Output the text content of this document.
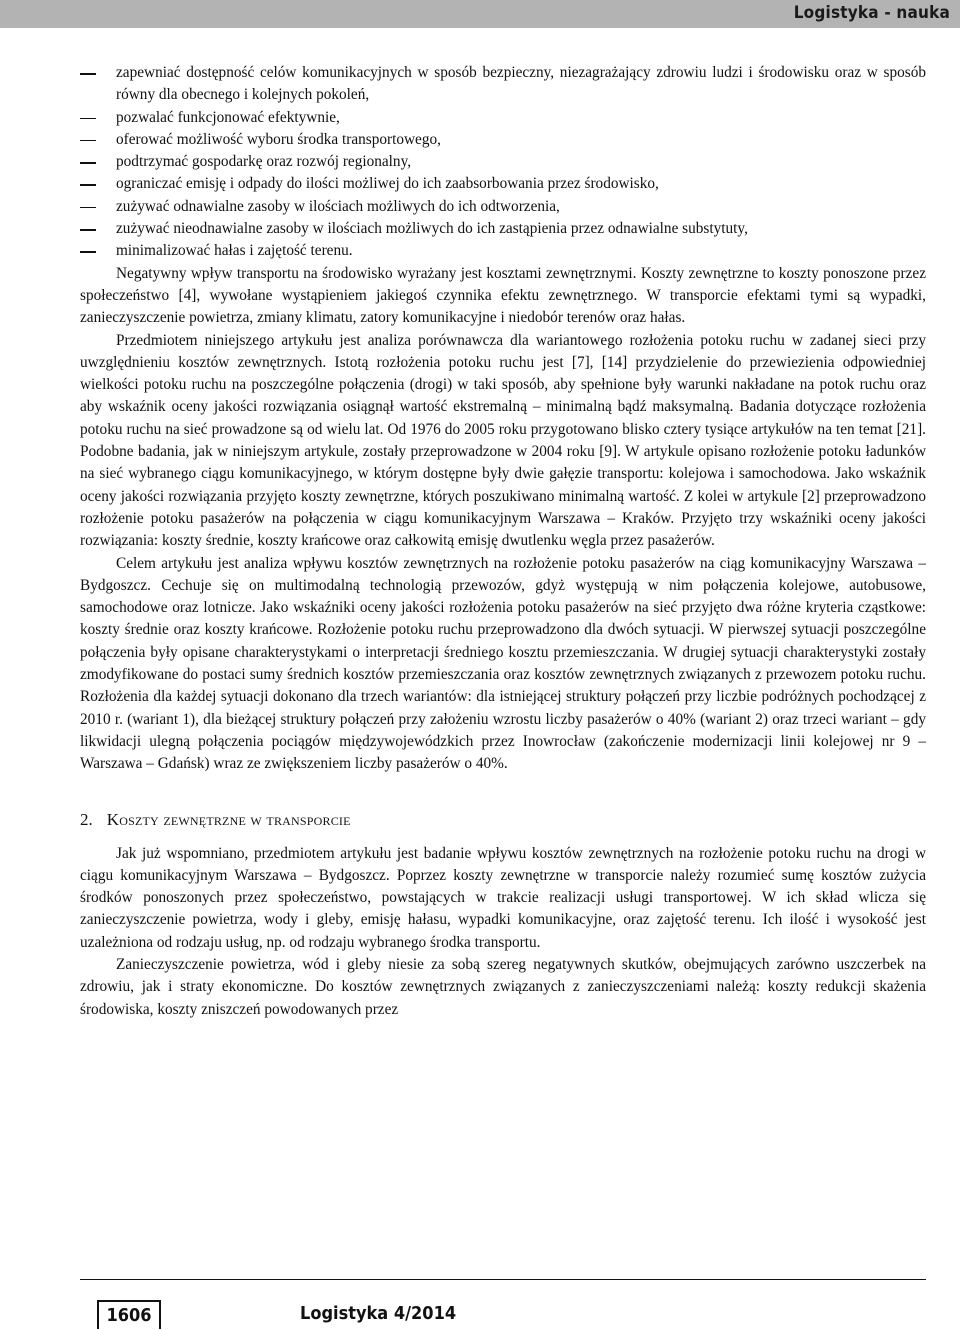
Logistyka - nauka
zapewniać dostępność celów komunikacyjnych w sposób bezpieczny, niezagrażający zdrowiu ludzi i środowisku oraz w sposób równy dla obecnego i kolejnych pokoleń,
pozwalać funkcjonować efektywnie,
oferować możliwość wyboru środka transportowego,
podtrzymać gospodarkę oraz rozwój regionalny,
ograniczać emisję i odpady do ilości możliwej do ich zaabsorbowania przez środowisko,
zużywać odnawialne zasoby w ilościach możliwych do ich odtworzenia,
zużywać nieodnawialne zasoby w ilościach możliwych do ich zastąpienia przez odnawialne substytuty,
minimalizować hałas i zajętość terenu.

Negatywny wpływ transportu na środowisko wyrażany jest kosztami zewnętrznymi. Koszty zewnętrzne to koszty ponoszone przez społeczeństwo [4], wywołane wystąpieniem jakiegoś czynnika efektu zewnętrznego. W transporcie efektami tymi są wypadki, zanieczyszczenie powietrza, zmiany klimatu, zatory komunikacyjne i niedobór terenów oraz hałas.

Przedmiotem niniejszego artykułu jest analiza porównawcza dla wariantowego rozłożenia potoku ruchu w zadanej sieci przy uwzględnieniu kosztów zewnętrznych. Istotą rozłożenia potoku ruchu jest [7], [14] przydzielenie do przewiezienia odpowiedniej wielkości potoku ruchu na poszczególne połączenia (drogi) w taki sposób, aby spełnione były warunki nakładane na potok ruchu oraz aby wskaźnik oceny jakości rozwiązania osiągnął wartość ekstremalną – minimalną bądź maksymalną. Badania dotyczące rozłożenia potoku ruchu na sieć prowadzone są od wielu lat. Od 1976 do 2005 roku przygotowano blisko cztery tysiące artykułów na ten temat [21]. Podobne badania, jak w niniejszym artykule, zostały przeprowadzone w 2004 roku [9]. W artykule opisano rozłożenie potoku ładunków na sieć wybranego ciągu komunikacyjnego, w którym dostępne były dwie gałęzie transportu: kolejowa i samochodowa. Jako wskaźnik oceny jakości rozwiązania przyjęto koszty zewnętrzne, których poszukiwano minimalną wartość. Z kolei w artykule [2] przeprowadzono rozłożenie potoku pasażerów na połączenia w ciągu komunikacyjnym Warszawa – Kraków. Przyjęto trzy wskaźniki oceny jakości rozwiązania: koszty średnie, koszty krańcowe oraz całkowitą emisję dwutlenku węgla przez pasażerów.

Celem artykułu jest analiza wpływu kosztów zewnętrznych na rozłożenie potoku pasażerów na ciąg komunikacyjny Warszawa – Bydgoszcz. Cechuje się on multimodalną technologią przewozów, gdyż występują w nim połączenia kolejowe, autobusowe, samochodowe oraz lotnicze. Jako wskaźniki oceny jakości rozłożenia potoku pasażerów na sieć przyjęto dwa różne kryteria cząstkowe: koszty średnie oraz koszty krańcowe. Rozłożenie potoku ruchu przeprowadzono dla dwóch sytuacji. W pierwszej sytuacji poszczególne połączenia były opisane charakterystykami o interpretacji średniego kosztu przemieszczania. W drugiej sytuacji charakterystyki zostały zmodyfikowane do postaci sumy średnich kosztów przemieszczania oraz kosztów zewnętrznych związanych z przewozem potoku ruchu. Rozłożenia dla każdej sytuacji dokonano dla trzech wariantów: dla istniejącej struktury połączeń przy liczbie podróżnych pochodzącej z 2010 r. (wariant 1), dla bieżącej struktury połączeń przy założeniu wzrostu liczby pasażerów o 40% (wariant 2) oraz trzeci wariant – gdy likwidacji ulegną połączenia pociągów międzywojewódzkich przez Inowrocław (zakończenie modernizacji linii kolejowej nr 9 – Warszawa – Gdańsk) wraz ze zwiększeniem liczby pasażerów o 40%.

2. Koszty zewnętrzne w transporcie

Jak już wspomniano, przedmiotem artykułu jest badanie wpływu kosztów zewnętrznych na rozłożenie potoku ruchu na drogi w ciągu komunikacyjnym Warszawa – Bydgoszcz. Poprzez koszty zewnętrzne w transporcie należy rozumieć sumę kosztów zużycia środków ponoszonych przez społeczeństwo, powstających w trakcie realizacji usługi transportowej. W ich skład wlicza się zanieczyszczenie powietrza, wody i gleby, emisję hałasu, wypadki komunikacyjne, oraz zajętość terenu. Ich ilość i wysokość jest uzależniona od rodzaju usług, np. od rodzaju wybranego środka transportu.

Zanieczyszczenie powietrza, wód i gleby niesie za sobą szereg negatywnych skutków, obejmujących zarówno uszczerbek na zdrowiu, jak i straty ekonomiczne. Do kosztów zewnętrznych związanych z zanieczyszczeniami należą: koszty redukcji skażenia środowiska, koszty zniszczeń powodowanych przez

1606	Logistyka 4/2014
